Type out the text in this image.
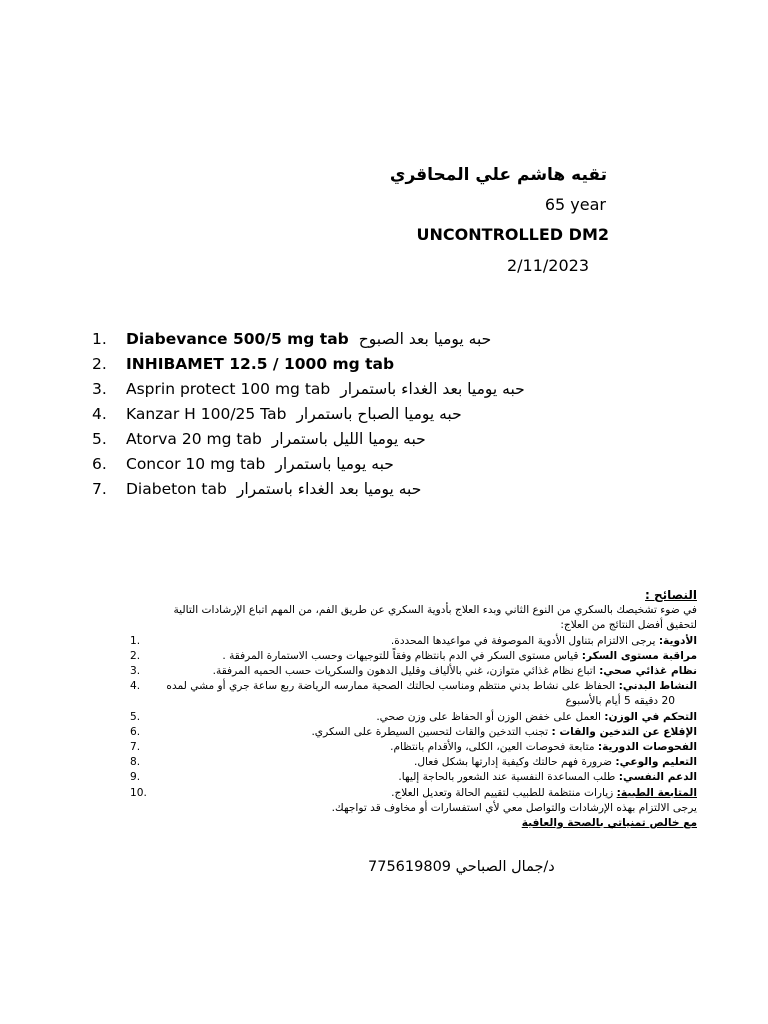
تقيه هاشم علي المحاقري
65 year
UNCONTROLLED DM2
2/11/2023
1. Diabevance 500/5 mg tab حبه يوميا بعد الصبوح
2. INHIBAMET 12.5 / 1000 mg tab
3. Asprin protect 100 mg tab حبه يوميا بعد الغداء باستمرار
4. Kanzar H 100/25 Tab حبه يوميا الصباح باستمرار
5. Atorva 20 mg tab حبه يوميا الليل باستمرار
6. Concor 10 mg tab حبه يوميا باستمرار
7. Diabeton tab حبه يوميا بعد الغداء باستمرار

النصائح :

في ضوء تشخيصك بالسكري من النوع الثاني وبدء العلاج بأدوية السكري عن طريق الفم، من المهم اتباع الإرشادات التالية

لتحقيق أفضل النتائج من العلاج:

1.	الأدوية: يرجى الالتزام بتناول الأدوية الموصوفة في مواعيدها المحددة.

2.	مراقبة مستوى السكر: قياس مستوى السكر في الدم بانتظام وفقاً للتوجيهات وحسب الاستمارة المرفقة .

3.	نظام غذائي صحي: اتباع نظام غذائي متوازن، غني بالألياف وقليل الدهون والسكريات حسب الحميه المرفقة.

4.	النشاط البدني: الحفاظ على نشاط بدني منتظم ومناسب لحالتك الصحية ممارسه الرياضة ربع ساعة جري أو مشي لمده

20 دقيقه 5 أيام بالأسبوع

5.	التحكم في الوزن: العمل على خفض الوزن أو الحفاظ على وزن صحي.

6.	الإقلاع عن التدخين والقات : تجنب التدخين والقات لتحسين السيطرة على السكري.

7.	الفحوصات الدورية: متابعة فحوصات العين، الكلى، والأقدام بانتظام.

8.	التعليم والوعي: ضرورة فهم حالتك وكيفية إدارتها بشكل فعال.

9.	الدعم النفسي: طلب المساعدة النفسية عند الشعور بالحاجة إليها.

10.	المتابعة الطبية: زيارات منتظمة للطبيب لتقييم الحالة وتعديل العلاج.

يرجى الالتزام بهذه الإرشادات والتواصل معي لأي استفسارات أو مخاوف قد تواجهك.

مع خالص تمنياتي بالصحة والعافية

د/جمال الصباحي 775619809
